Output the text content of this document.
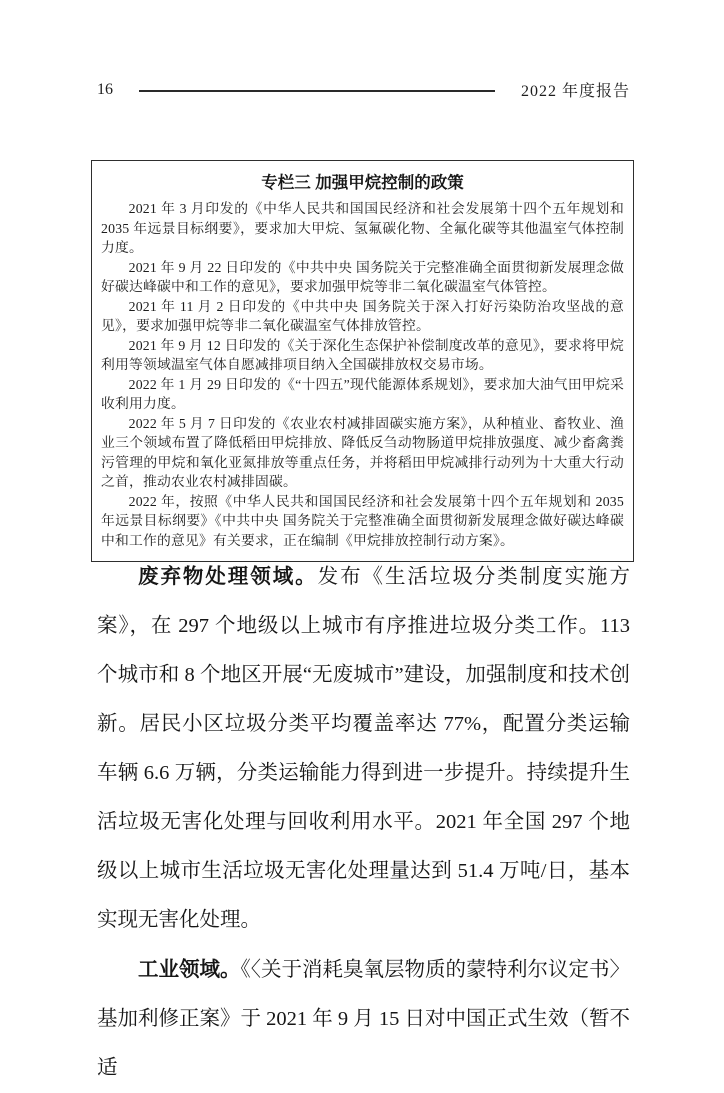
16	2022 年度报告
专栏三 加强甲烷控制的政策

2021 年 3 月印发的《中华人民共和国国民经济和社会发展第十四个五年规划和 2035 年远景目标纲要》，要求加大甲烷、氢氟碳化物、全氟化碳等其他温室气体控制力度。

2021 年 9 月 22 日印发的《中共中央 国务院关于完整准确全面贯彻新发展理念做好碳达峰碳中和工作的意见》，要求加强甲烷等非二氧化碳温室气体管控。

2021 年 11 月 2 日印发的《中共中央 国务院关于深入打好污染防治攻坚战的意见》，要求加强甲烷等非二氧化碳温室气体排放管控。

2021 年 9 月 12 日印发的《关于深化生态保护补偿制度改革的意见》，要求将甲烷利用等领域温室气体自愿减排项目纳入全国碳排放权交易市场。

2022 年 1 月 29 日印发的《“十四五”现代能源体系规划》，要求加大油气田甲烷采收利用力度。

2022 年 5 月 7 日印发的《农业农村减排固碳实施方案》，从种植业、畜牧业、渔业三个领域布置了降低稻田甲烷排放、降低反刍动物肠道甲烷排放强度、减少畜禽粪污管理的甲烷和氧化亚氮排放等重点任务，并将稻田甲烷减排行动列为十大重大行动之首，推动农业农村减排固碳。

2022 年，按照《中华人民共和国国民经济和社会发展第十四个五年规划和 2035 年远景目标纲要》《中共中央 国务院关于完整准确全面贯彻新发展理念做好碳达峰碳中和工作的意见》有关要求，正在编制《甲烷排放控制行动方案》。

废弃物处理领域。发布《生活垃圾分类制度实施方案》，在 297 个地级以上城市有序推进垃圾分类工作。113 个城市和 8 个地区开展“无废城市”建设，加强制度和技术创新。居民小区垃圾分类平均覆盖率达 77%，配置分类运输车辆 6.6 万辆，分类运输能力得到进一步提升。持续提升生活垃圾无害化处理与回收利用水平。2021 年全国 297 个地级以上城市生活垃圾无害化处理量达到 51.4 万吨/日，基本实现无害化处理。

工业领域。《〈关于消耗臭氧层物质的蒙特利尔议定书〉基加利修正案》于 2021 年 9 月 15 日对中国正式生效（暂不适
